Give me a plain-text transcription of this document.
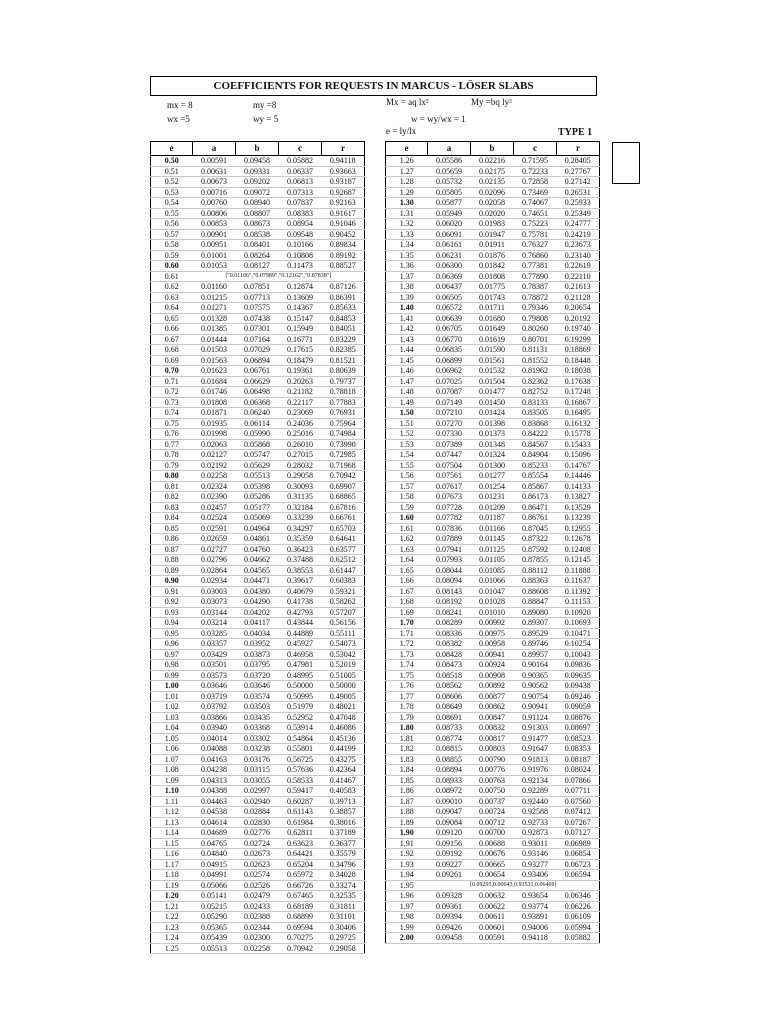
COEFFICIENTS FOR REQUESTS IN MARCUS - LÖSER SLABS
mx = 8	my =8	Mx = aq lx²	My =bq ly²
wx =5	wy = 5	w = wy/wx = 1
e = ly/lx	TYPE 1
e	a	b	c	r
0.50	0.00591	0.09458	0.05882	0.94118
0.51	0.00631	0.09331	0.06337	0.93663
0.52	0.00673	0.09202	0.06813	0.93187
0.53	0.00716	0.09072	0.07313	0.92687
0.54	0.00760	0.08940	0.07837	0.92163
0.55	0.00806	0.08807	0.08383	0.91617
0.56	0.00853	0.08673	0.08954	0.91046
0.57	0.00901	0.08538	0.09548	0.90452
0.58	0.00951	0.08401	0.10166	0.89834
0.59	0.01001	0.08264	0.10808	0.89192
0.60	0.01053	0.08127	0.11473	0.88527
0.61	["0.01106","0.07989","0.12162","0.87838"]			
0.62	0.01160	0.07851	0.12874	0.87126
0.63	0.01215	0.07713	0.13609	0.86391
0.64	0.01271	0.07575	0.14367	0.85633
0.65	0.01328	0.07438	0.15147	0.84853
0.66	0.01385	0.07301	0.15949	0.84051
0.67	0.01444	0.07164	0.16771	0.83229
0.68	0.01503	0.07029	0.17615	0.82385
0.69	0.01563	0.06894	0.18479	0.81521
0.70	0.01623	0.06761	0.19361	0.80639
0.71	0.01684	0.06629	0.20263	0.79737
0.72	0.01746	0.06498	0.21182	0.78818
0.73	0.01808	0.06368	0.22117	0.77883
0.74	0.01871	0.06240	0.23069	0.76931
0.75	0.01935	0.06114	0.24036	0.75964
0.76	0.01998	0.05990	0.25016	0.74984
0.77	0.02063	0.05868	0.26010	0.73990
0.78	0.02127	0.05747	0.27015	0.72985
0.79	0.02192	0.05629	0.28032	0.71968
0.80	0.02258	0.05513	0.29058	0.70942
0.81	0.02324	0.05398	0.30093	0.69907
0.82	0.02390	0.05286	0.31135	0.68865
0.83	0.02457	0.05177	0.32184	0.67816
0.84	0.02524	0.05069	0.33239	0.66761
0.85	0.02591	0.04964	0.34297	0.65703
0.86	0.02659	0.04861	0.35359	0.64641
0.87	0.02727	0.04760	0.36423	0.63577
0.88	0.02796	0.04662	0.37488	0.62512
0.89	0.02864	0.04565	0.38553	0.61447
0.90	0.02934	0.04471	0.39617	0.60383
0.91	0.03003	0.04380	0.40679	0.59321
0.92	0.03073	0.04290	0.41738	0.58262
0.93	0.03144	0.04202	0.42793	0.57207
0.94	0.03214	0.04117	0.43844	0.56156
0.95	0.03285	0.04034	0.44889	0.55111
0.96	0.03357	0.03952	0.45927	0.54073
0.97	0.03429	0.03873	0.46958	0.53042
0.98	0.03501	0.03795	0.47981	0.52019
0.99	0.03573	0.03720	0.48995	0.51005
1.00	0.03646	0.03646	0.50000	0.50000
1.01	0.03719	0.03574	0.50995	0.49005
1.02	0.03792	0.03503	0.51979	0.48021
1.03	0.03866	0.03435	0.52952	0.47048
1.04	0.03940	0.03368	0.53914	0.46086
1.05	0.04014	0.03302	0.54864	0.45136
1.06	0.04088	0.03238	0.55801	0.44199
1.07	0.04163	0.03176	0.56725	0.43275
1.08	0.04238	0.03115	0.57636	0.42364
1.09	0.04313	0.03055	0.58533	0.41467
1.10	0.04388	0.02997	0.59417	0.40583
1.11	0.04463	0.02940	0.60287	0.39713
1.12	0.04538	0.02884	0.61143	0.38857
1.13	0.04614	0.02830	0.61984	0.38016
1.14	0.04689	0.02776	0.62811	0.37189
1.15	0.04765	0.02724	0.63623	0.36377
1.16	0.04840	0.02673	0.64421	0.35579
1.17	0.04915	0.02623	0.65204	0.34796
1.18	0.04991	0.02574	0.65972	0.34028
1.19	0.05066	0.02526	0.66726	0.33274
1.20	0.05141	0.02479	0.67465	0.32535
1.21	0.05215	0.02433	0.68189	0.31811
1.22	0.05290	0.02388	0.68899	0.31101
1.23	0.05365	0.02344	0.69594	0.30406
1.24	0.05439	0.02300	0.70275	0.29725
1.25	0.05513	0.02258	0.70942	0.29058
e	a	b	c	r
1.26	0.05586	0.02216	0.71595	0.28405
1.27	0.05659	0.02175	0.72233	0.27767
1.28	0.05732	0.02135	0.72858	0.27142
1.29	0.05805	0.02096	0.73469	0.26531
1.30	0.05877	0.02058	0.74067	0.25933
1.31	0.05949	0.02020	0.74651	0.25349
1.32	0.06020	0.01983	0.75223	0.24777
1.33	0.06091	0.01947	0.75781	0.24219
1.34	0.06161	0.01911	0.76327	0.23673
1.35	0.06231	0.01876	0.76860	0.23140
1.36	0.06300	0.01842	0.77381	0.22619
1.37	0.06369	0.01808	0.77890	0.22110
1.38	0.06437	0.01775	0.78387	0.21613
1.39	0.06505	0.01743	0.78872	0.21128
1.40	0.06572	0.01711	0.79346	0.20654
1.41	0.06639	0.01680	0.79808	0.20192
1.42	0.06705	0.01649	0.80260	0.19740
1.43	0.06770	0.01619	0.80701	0.19299
1.44	0.06835	0.01590	0.81131	0.18869
1.45	0.06899	0.01561	0.81552	0.18448
1.46	0.06962	0.01532	0.81962	0.18038
1.47	0.07025	0.01504	0.82362	0.17638
1.48	0.07087	0.01477	0.82752	0.17248
1.49	0.07149	0.01450	0.83133	0.16867
1.50	0.07210	0.01424	0.83505	0.16495
1.51	0.07270	0.01398	0.83868	0.16132
1.52	0.07330	0.01373	0.84222	0.15778
1.53	0.07389	0.01348	0.84567	0.15433
1.54	0.07447	0.01324	0.84904	0.15096
1.55	0.07504	0.01300	0.85233	0.14767
1.56	0.07561	0.01277	0.85554	0.14446
1.57	0.07617	0.01254	0.85867	0.14133
1.58	0.07673	0.01231	0.86173	0.13827
1.59	0.07728	0.01209	0.86471	0.13529
1.60	0.07782	0.01187	0.86761	0.13239
1.61	0.07836	0.01166	0.87045	0.12955
1.62	0.07889	0.01145	0.87322	0.12678
1.63	0.07941	0.01125	0.87592	0.12408
1.64	0.07993	0.01105	0.87855	0.12145
1.65	0.08044	0.01085	0.88112	0.11888
1.66	0.08094	0.01066	0.88363	0.11637
1.67	0.08143	0.01047	0.88608	0.11392
1.68	0.08192	0.01028	0.88847	0.11153
1.69	0.08241	0.01010	0.89080	0.10920
1.70	0.08289	0.00992	0.89307	0.10693
1.71	0.08336	0.00975	0.89529	0.10471
1.72	0.08382	0.00958	0.89746	0.10254
1.73	0.08428	0.00941	0.89957	0.10043
1.74	0.08473	0.00924	0.90164	0.09836
1.75	0.08518	0.00908	0.90365	0.09635
1.76	0.08562	0.00892	0.90562	0.09438
1.77	0.08606	0.00877	0.90754	0.09246
1.78	0.08649	0.00862	0.90941	0.09059
1.79	0.08691	0.00847	0.91124	0.08876
1.80	0.08733	0.00832	0.91303	0.08697
1.81	0.08774	0.00817	0.91477	0.08523
1.82	0.08815	0.00803	0.91647	0.08353
1.83	0.08855	0.00790	0.91813	0.08187
1.84	0.08894	0.00776	0.91976	0.08024
1.85	0.08933	0.00763	0.92134	0.07866
1.86	0.08972	0.00750	0.92289	0.07711
1.87	0.09010	0.00737	0.92440	0.07560
1.88	0.09047	0.00724	0.92588	0.07412
1.89	0.09084	0.00712	0.92733	0.07267
1.90	0.09120	0.00700	0.92873	0.07127
1.91	0.09156	0.00688	0.93011	0.06989
1.92	0.09192	0.00676	0.93146	0.06854
1.93	0.09227	0.00665	0.93277	0.06723
1.94	0.09261	0.00654	0.93406	0.06594
1.95	[0.09295,0.00643,0.93531,0.06469]			
1.96	0.09328	0.00632	0.93654	0.06346
1.97	0.09361	0.00622	0.93774	0.06226
1.98	0.09394	0.00611	0.93891	0.06109
1.99	0.09426	0.00601	0.94006	0.05994
2.00	0.09458	0.00591	0.94118	0.05882
